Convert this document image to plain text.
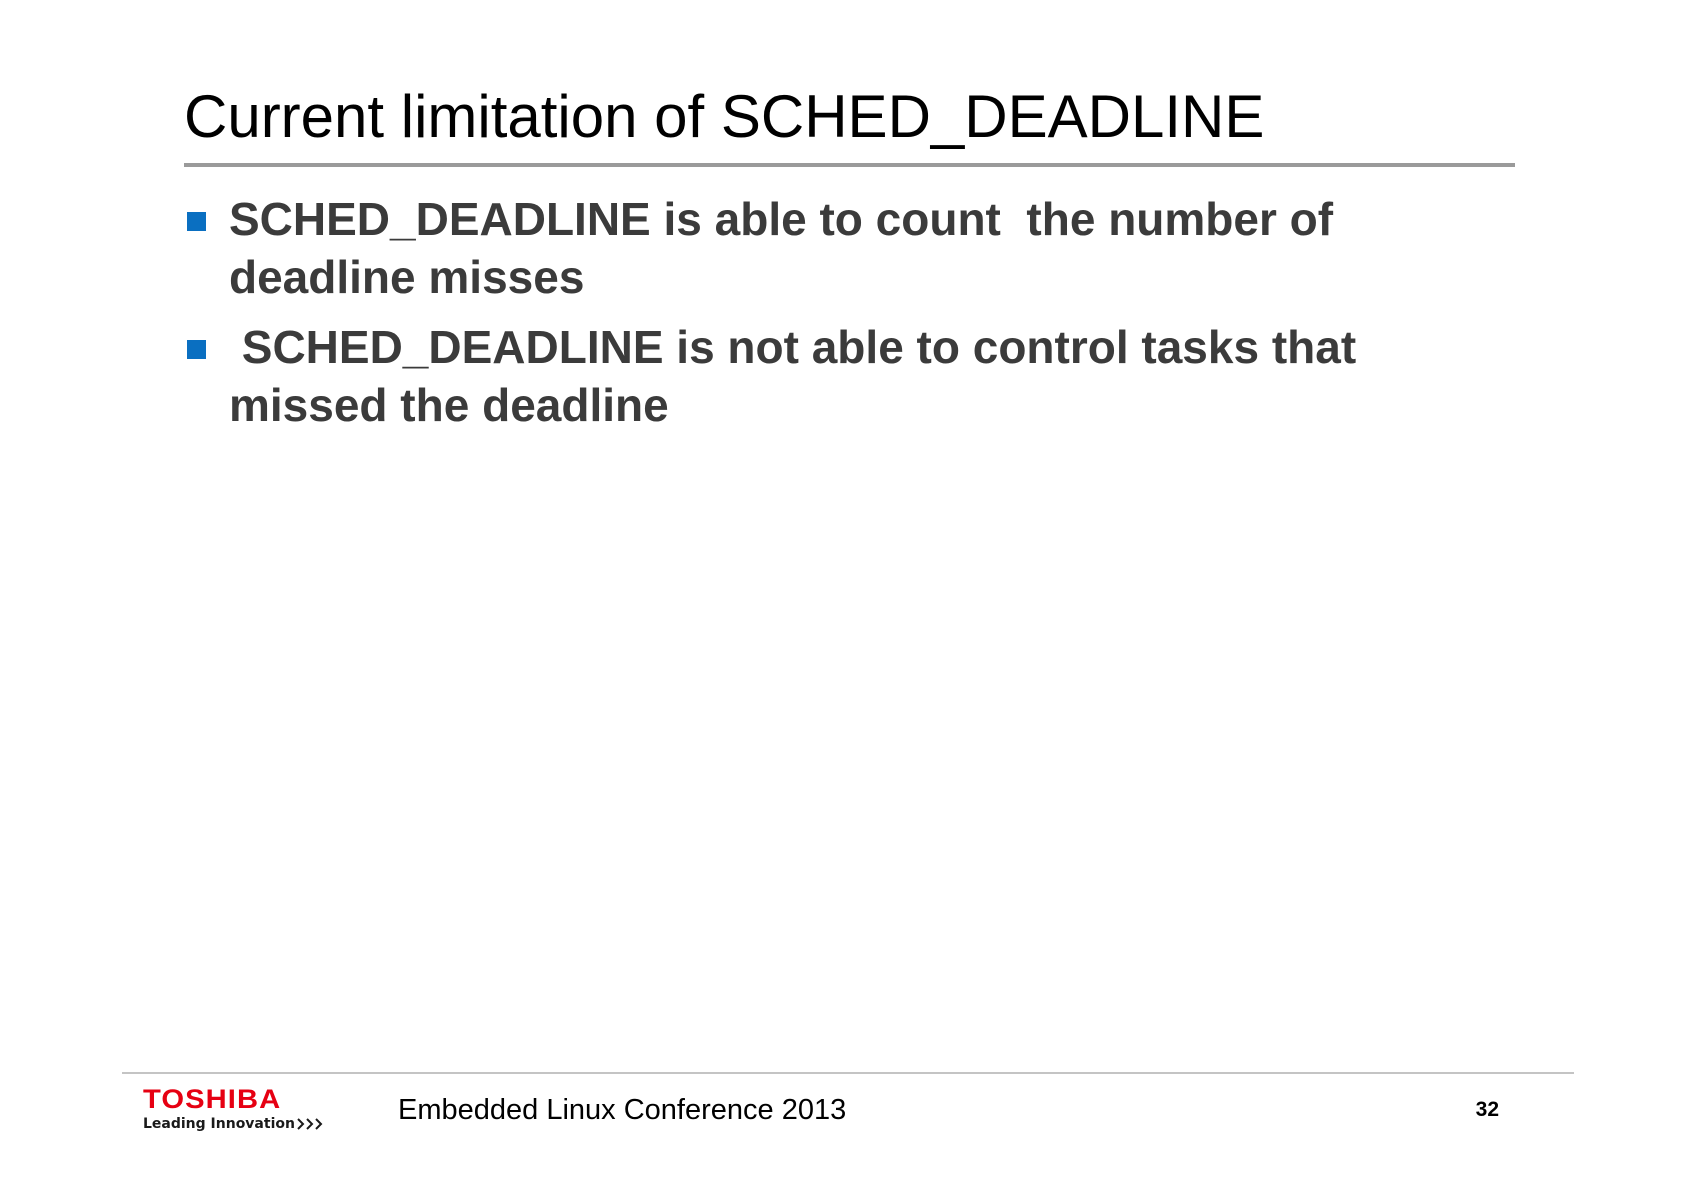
Current limitation of SCHED_DEADLINE
SCHED_DEADLINE is able to count  the number of deadline misses
SCHED_DEADLINE is not able to control tasks that missed the deadline
TOSHIBA
Leading Innovation	Embedded Linux Conference 2013	32
